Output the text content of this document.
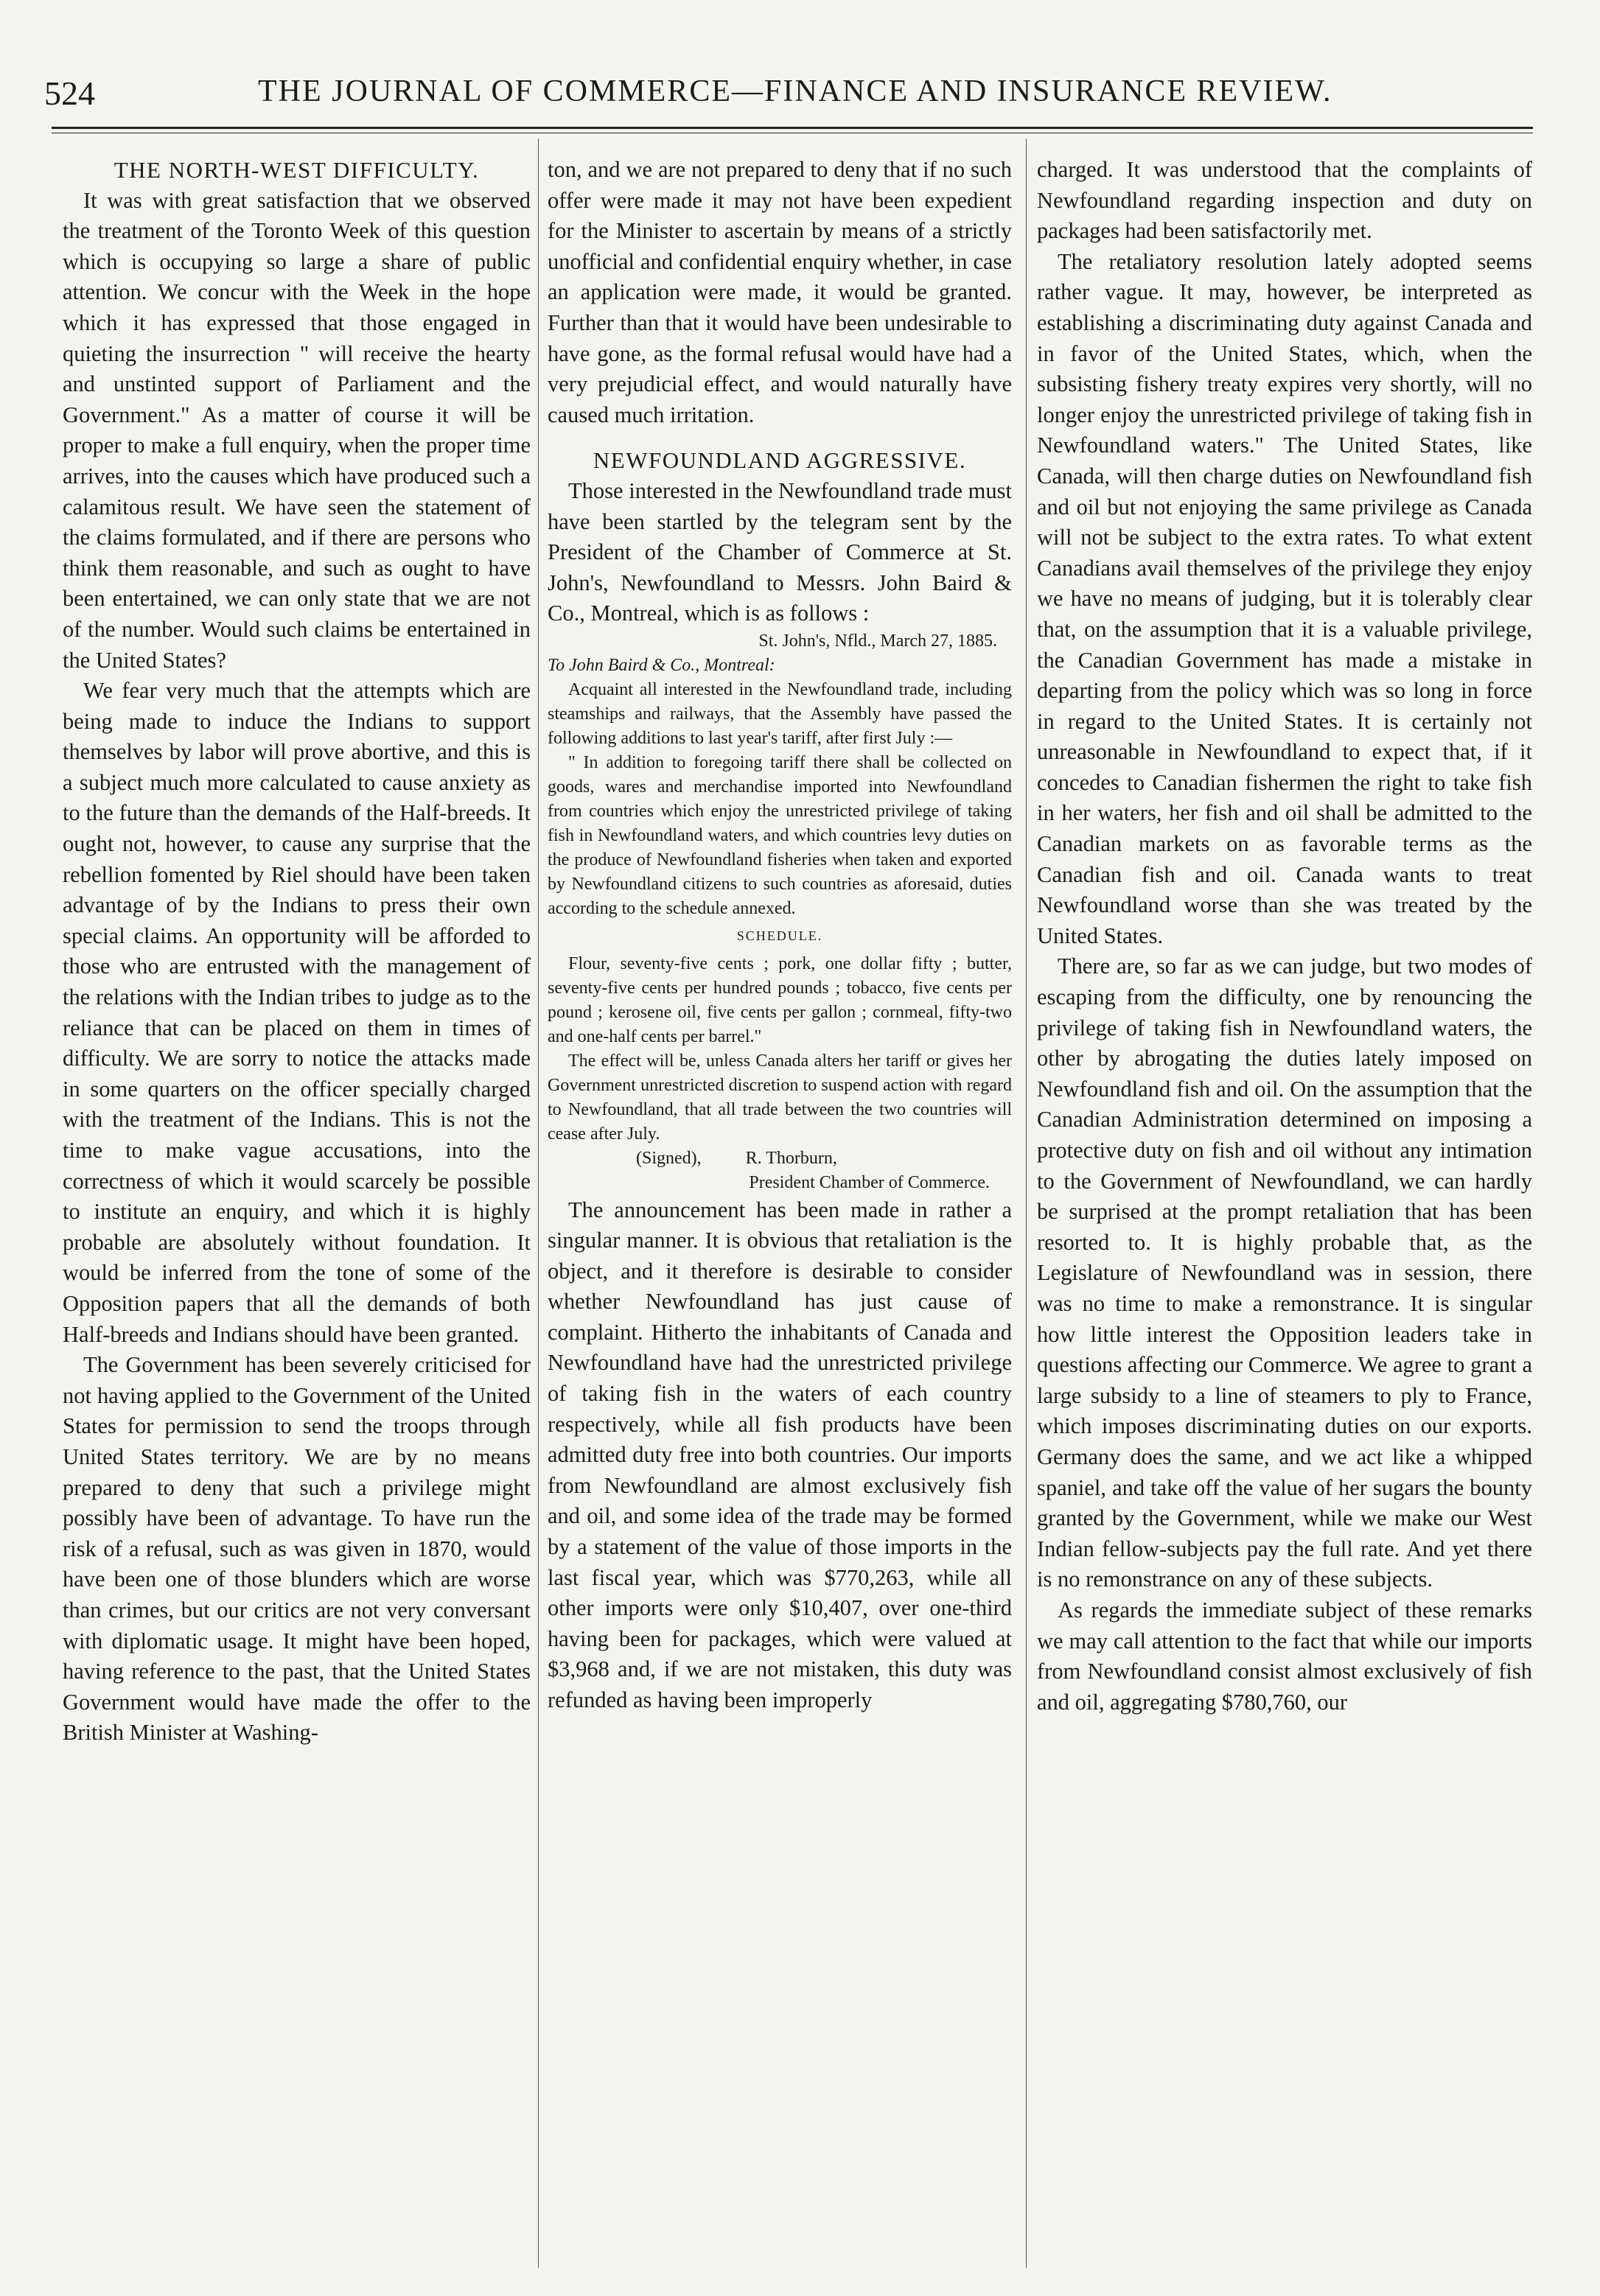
524	THE JOURNAL OF COMMERCE—FINANCE AND INSURANCE REVIEW.

THE NORTH-WEST DIFFICULTY.

It was with great satisfaction that we observed the treatment of the Toronto Week of this question which is occupying so large a share of public attention. We concur with the Week in the hope which it has expressed that those engaged in quieting the insurrection " will receive the hearty and unstinted support of Parliament and the Government." As a matter of course it will be proper to make a full enquiry, when the proper time arrives, into the causes which have produced such a calamitous result. We have seen the statement of the claims formulated, and if there are persons who think them reasonable, and such as ought to have been entertained, we can only state that we are not of the number. Would such claims be entertained in the United States?

We fear very much that the attempts which are being made to induce the Indians to support themselves by labor will prove abortive, and this is a subject much more calculated to cause anxiety as to the future than the demands of the Half-breeds. It ought not, however, to cause any surprise that the rebellion fomented by Riel should have been taken advantage of by the Indians to press their own special claims. An opportunity will be afforded to those who are entrusted with the management of the relations with the Indian tribes to judge as to the reliance that can be placed on them in times of difficulty. We are sorry to notice the attacks made in some quarters on the officer specially charged with the treatment of the Indians. This is not the time to make vague accusations, into the correctness of which it would scarcely be possible to institute an enquiry, and which it is highly probable are absolutely without foundation. It would be inferred from the tone of some of the Opposition papers that all the demands of both Half-breeds and Indians should have been granted.

The Government has been severely criticised for not having applied to the Government of the United States for permission to send the troops through United States territory. We are by no means prepared to deny that such a privilege might possibly have been of advantage. To have run the risk of a refusal, such as was given in 1870, would have been one of those blunders which are worse than crimes, but our critics are not very conversant with diplomatic usage. It might have been hoped, having reference to the past, that the United States Government would have made the offer to the British Minister at Washing-

ton, and we are not prepared to deny that if no such offer were made it may not have been expedient for the Minister to ascertain by means of a strictly unofficial and confidential enquiry whether, in case an application were made, it would be granted. Further than that it would have been undesirable to have gone, as the formal refusal would have had a very prejudicial effect, and would naturally have caused much irritation.

NEWFOUNDLAND AGGRESSIVE.

Those interested in the Newfoundland trade must have been startled by the telegram sent by the President of the Chamber of Commerce at St. John's, Newfoundland to Messrs. John Baird & Co., Montreal, which is as follows :

St. John's, Nfld., March 27, 1885.

To John Baird & Co., Montreal:

Acquaint all interested in the Newfoundland trade, including steamships and railways, that the Assembly have passed the following additions to last year's tariff, after first July :—

" In addition to foregoing tariff there shall be collected on goods, wares and merchandise imported into Newfoundland from countries which enjoy the unrestricted privilege of taking fish in Newfoundland waters, and which countries levy duties on the produce of Newfoundland fisheries when taken and exported by Newfoundland citizens to such countries as aforesaid, duties according to the schedule annexed.

SCHEDULE.

Flour, seventy-five cents ; pork, one dollar fifty ; butter, seventy-five cents per hundred pounds ; tobacco, five cents per pound ; kerosene oil, five cents per gallon ; cornmeal, fifty-two and one-half cents per barrel."

The effect will be, unless Canada alters her tariff or gives her Government unrestricted discretion to suspend action with regard to Newfoundland, that all trade between the two countries will cease after July.

(Signed),	R. Thorburn,

President Chamber of Commerce.

The announcement has been made in rather a singular manner. It is obvious that retaliation is the object, and it therefore is desirable to consider whether Newfoundland has just cause of complaint. Hitherto the inhabitants of Canada and Newfoundland have had the unrestricted privilege of taking fish in the waters of each country respectively, while all fish products have been admitted duty free into both countries. Our imports from Newfoundland are almost exclusively fish and oil, and some idea of the trade may be formed by a statement of the value of those imports in the last fiscal year, which was $770,263, while all other imports were only $10,407, over one-third having been for packages, which were valued at $3,968 and, if we are not mistaken, this duty was refunded as having been improperly

charged. It was understood that the complaints of Newfoundland regarding inspection and duty on packages had been satisfactorily met.

The retaliatory resolution lately adopted seems rather vague. It may, however, be interpreted as establishing a discriminating duty against Canada and in favor of the United States, which, when the subsisting fishery treaty expires very shortly, will no longer enjoy the unrestricted privilege of taking fish in Newfoundland waters." The United States, like Canada, will then charge duties on Newfoundland fish and oil but not enjoying the same privilege as Canada will not be subject to the extra rates. To what extent Canadians avail themselves of the privilege they enjoy we have no means of judging, but it is tolerably clear that, on the assumption that it is a valuable privilege, the Canadian Government has made a mistake in departing from the policy which was so long in force in regard to the United States. It is certainly not unreasonable in Newfoundland to expect that, if it concedes to Canadian fishermen the right to take fish in her waters, her fish and oil shall be admitted to the Canadian markets on as favorable terms as the Canadian fish and oil. Canada wants to treat Newfoundland worse than she was treated by the United States.

There are, so far as we can judge, but two modes of escaping from the difficulty, one by renouncing the privilege of taking fish in Newfoundland waters, the other by abrogating the duties lately imposed on Newfoundland fish and oil. On the assumption that the Canadian Administration determined on imposing a protective duty on fish and oil without any intimation to the Government of Newfoundland, we can hardly be surprised at the prompt retaliation that has been resorted to. It is highly probable that, as the Legislature of Newfoundland was in session, there was no time to make a remonstrance. It is singular how little interest the Opposition leaders take in questions affecting our Commerce. We agree to grant a large subsidy to a line of steamers to ply to France, which imposes discriminating duties on our exports. Germany does the same, and we act like a whipped spaniel, and take off the value of her sugars the bounty granted by the Government, while we make our West Indian fellow-subjects pay the full rate. And yet there is no remonstrance on any of these subjects.

As regards the immediate subject of these remarks we may call attention to the fact that while our imports from Newfoundland consist almost exclusively of fish and oil, aggregating $780,760, our
